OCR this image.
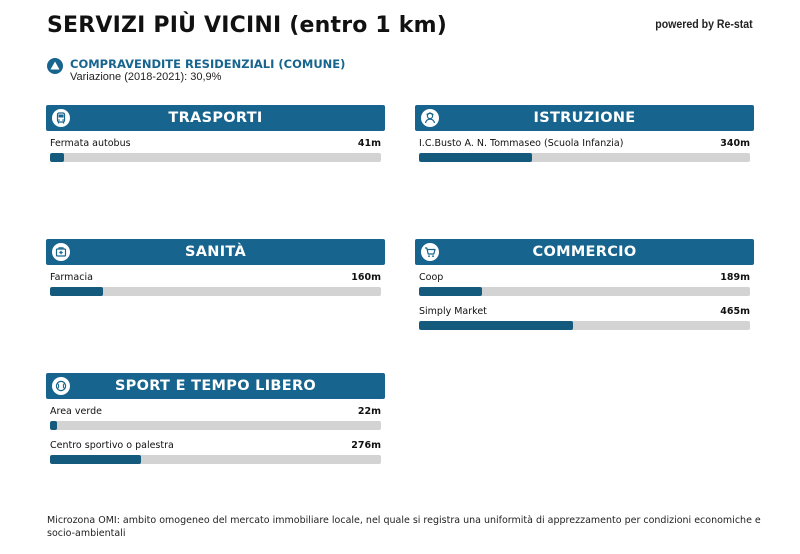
SERVIZI PIÙ VICINI (entro 1 km)	powered by Re-stat
COMPRAVENDITE RESIDENZIALI (COMUNE)
Variazione (2018-2021): 30,9%
TRASPORTI
Fermata autobus	41m
ISTRUZIONE
I.C.Busto A. N. Tommaseo (Scuola Infanzia)	340m
SANITÀ
Farmacia	160m
COMMERCIO
Coop	189m
Simply Market	465m
SPORT E TEMPO LIBERO
Area verde	22m
Centro sportivo o palestra	276m
Microzona OMI: ambito omogeneo del mercato immobiliare locale, nel quale si registra una uniformità di apprezzamento per condizioni economiche e socio-ambientali
